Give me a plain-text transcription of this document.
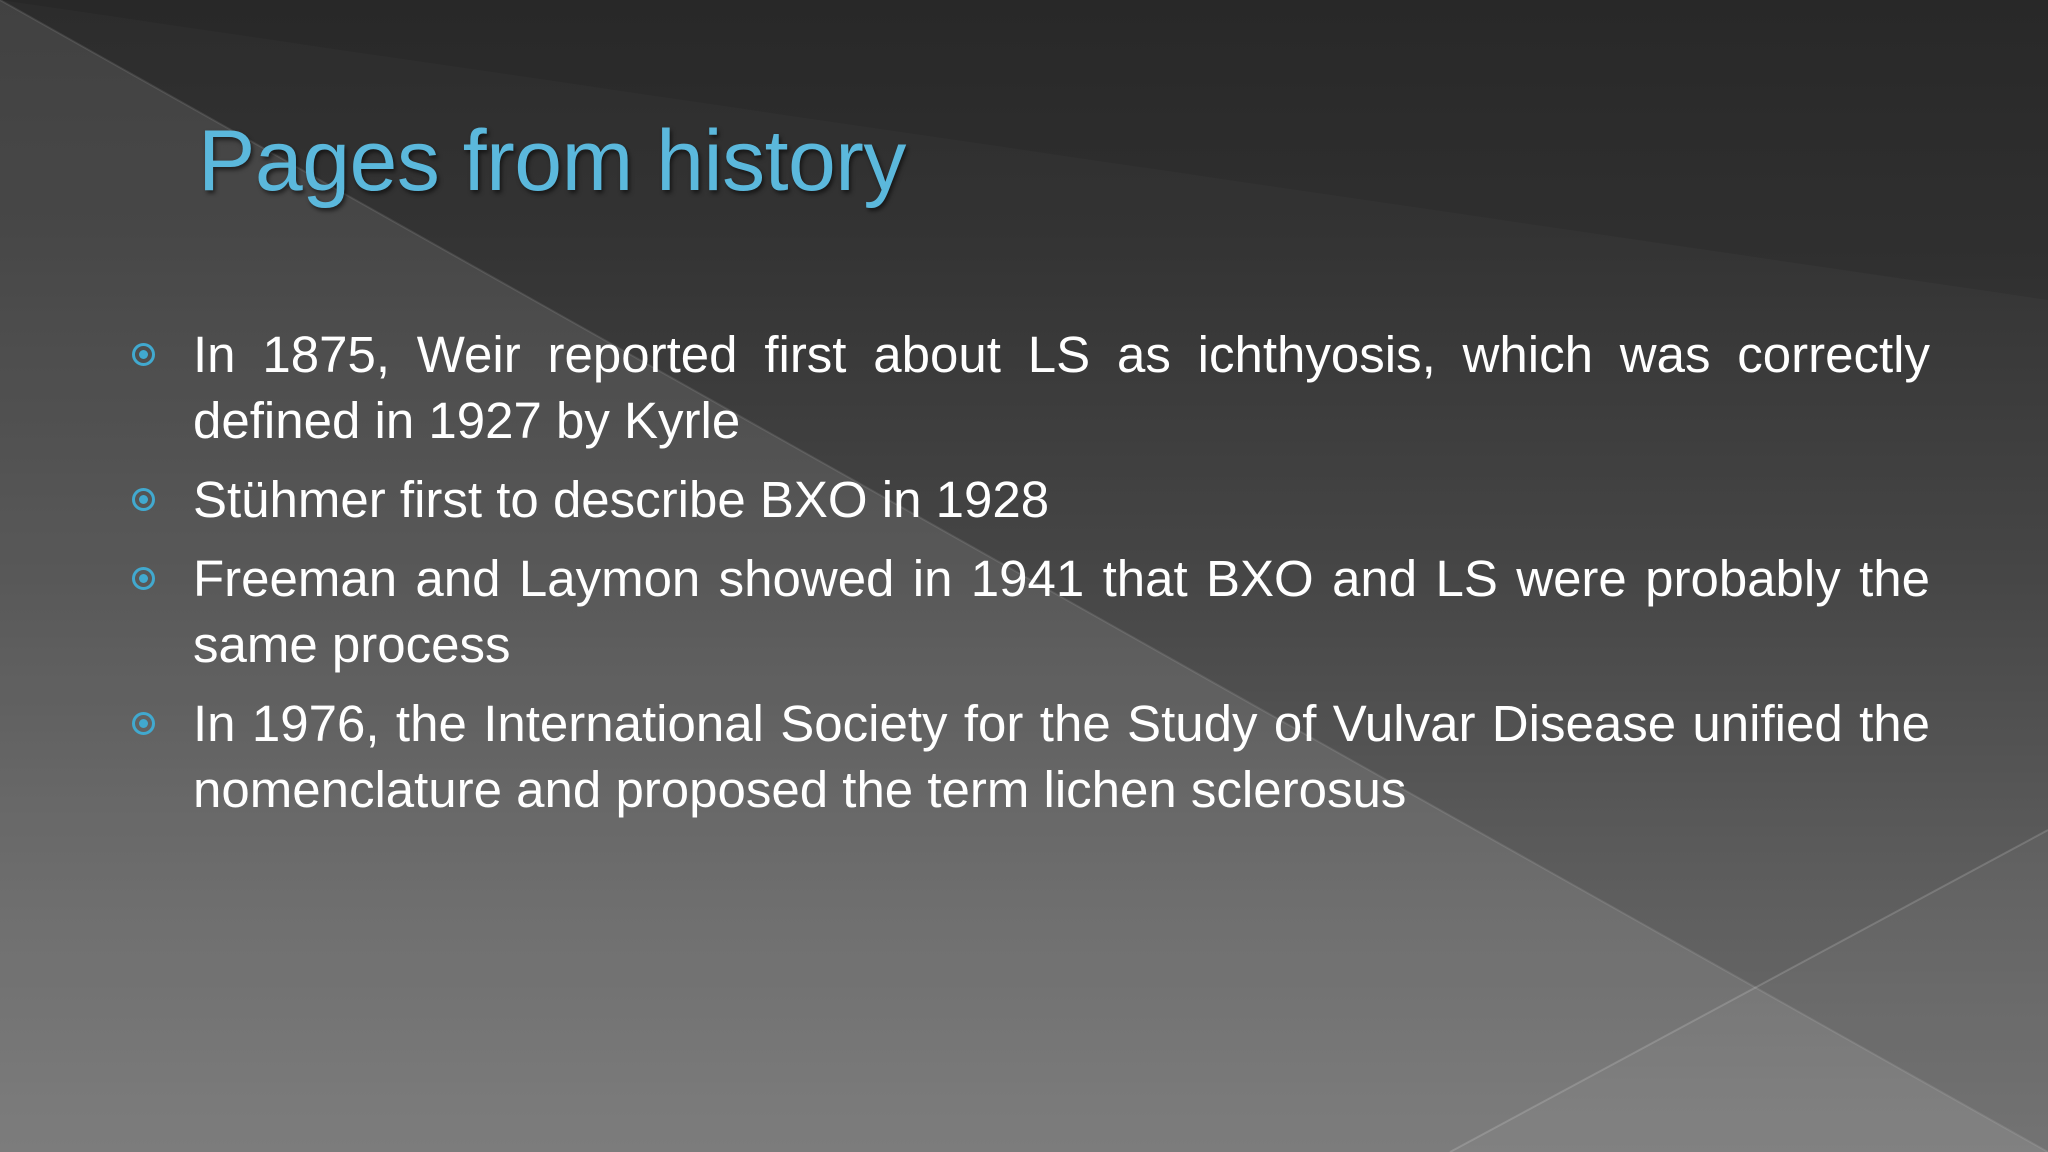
Pages from history
In 1875, Weir reported first about LS as ichthyosis, which was correctly defined in 1927 by Kyrle
Stühmer first to describe BXO in 1928
Freeman and Laymon showed in 1941 that BXO and LS were probably the same process
In 1976, the International Society for the Study of Vulvar Disease unified the nomenclature and proposed the term lichen sclerosus
